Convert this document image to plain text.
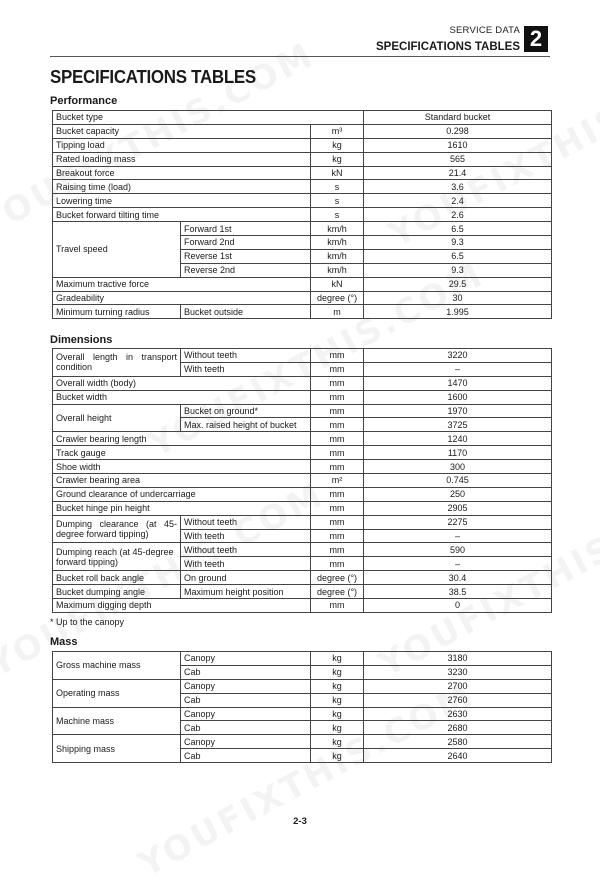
SERVICE DATA
SPECIFICATIONS TABLES 2
SPECIFICATIONS TABLES
Performance
Bucket type			Standard bucket
Bucket capacity		m³	0.298
Tipping load		kg	1610
Rated loading mass		kg	565
Breakout force		kN	21.4
Raising time (load)		s	3.6
Lowering time		s	2.4
Bucket forward tilting time		s	2.6
Travel speed	Forward 1st	km/h	6.5
	Forward 2nd	km/h	9.3
	Reverse 1st	km/h	6.5
	Reverse 2nd	km/h	9.3
Maximum tractive force		kN	29.5
Gradeability		degree (°)	30
Minimum turning radius	Bucket outside	m	1.995
Dimensions
Overall length in transport condition	Without teeth	mm	3220
	With teeth	mm	–
Overall width (body)		mm	1470
Bucket width		mm	1600
Overall height	Bucket on ground*	mm	1970
	Max. raised height of bucket	mm	3725
Crawler bearing length		mm	1240
Track gauge		mm	1170
Shoe width		mm	300
Crawler bearing area		m²	0.745
Ground clearance of undercarriage		mm	250
Bucket hinge pin height		mm	2905
Dumping clearance (at 45-degree forward tipping)	Without teeth	mm	2275
	With teeth	mm	–
Dumping reach (at 45-degree forward tipping)	Without teeth	mm	590
	With teeth	mm	–
Bucket roll back angle	On ground	degree (°)	30.4
Bucket dumping angle	Maximum height position	degree (°)	38.5
Maximum digging depth		mm	0
* Up to the canopy
Mass
Gross machine mass	Canopy	kg	3180
	Cab	kg	3230
Operating mass	Canopy	kg	2700
	Cab	kg	2760
Machine mass	Canopy	kg	2630
	Cab	kg	2680
Shipping mass	Canopy	kg	2580
	Cab	kg	2640
2-3
